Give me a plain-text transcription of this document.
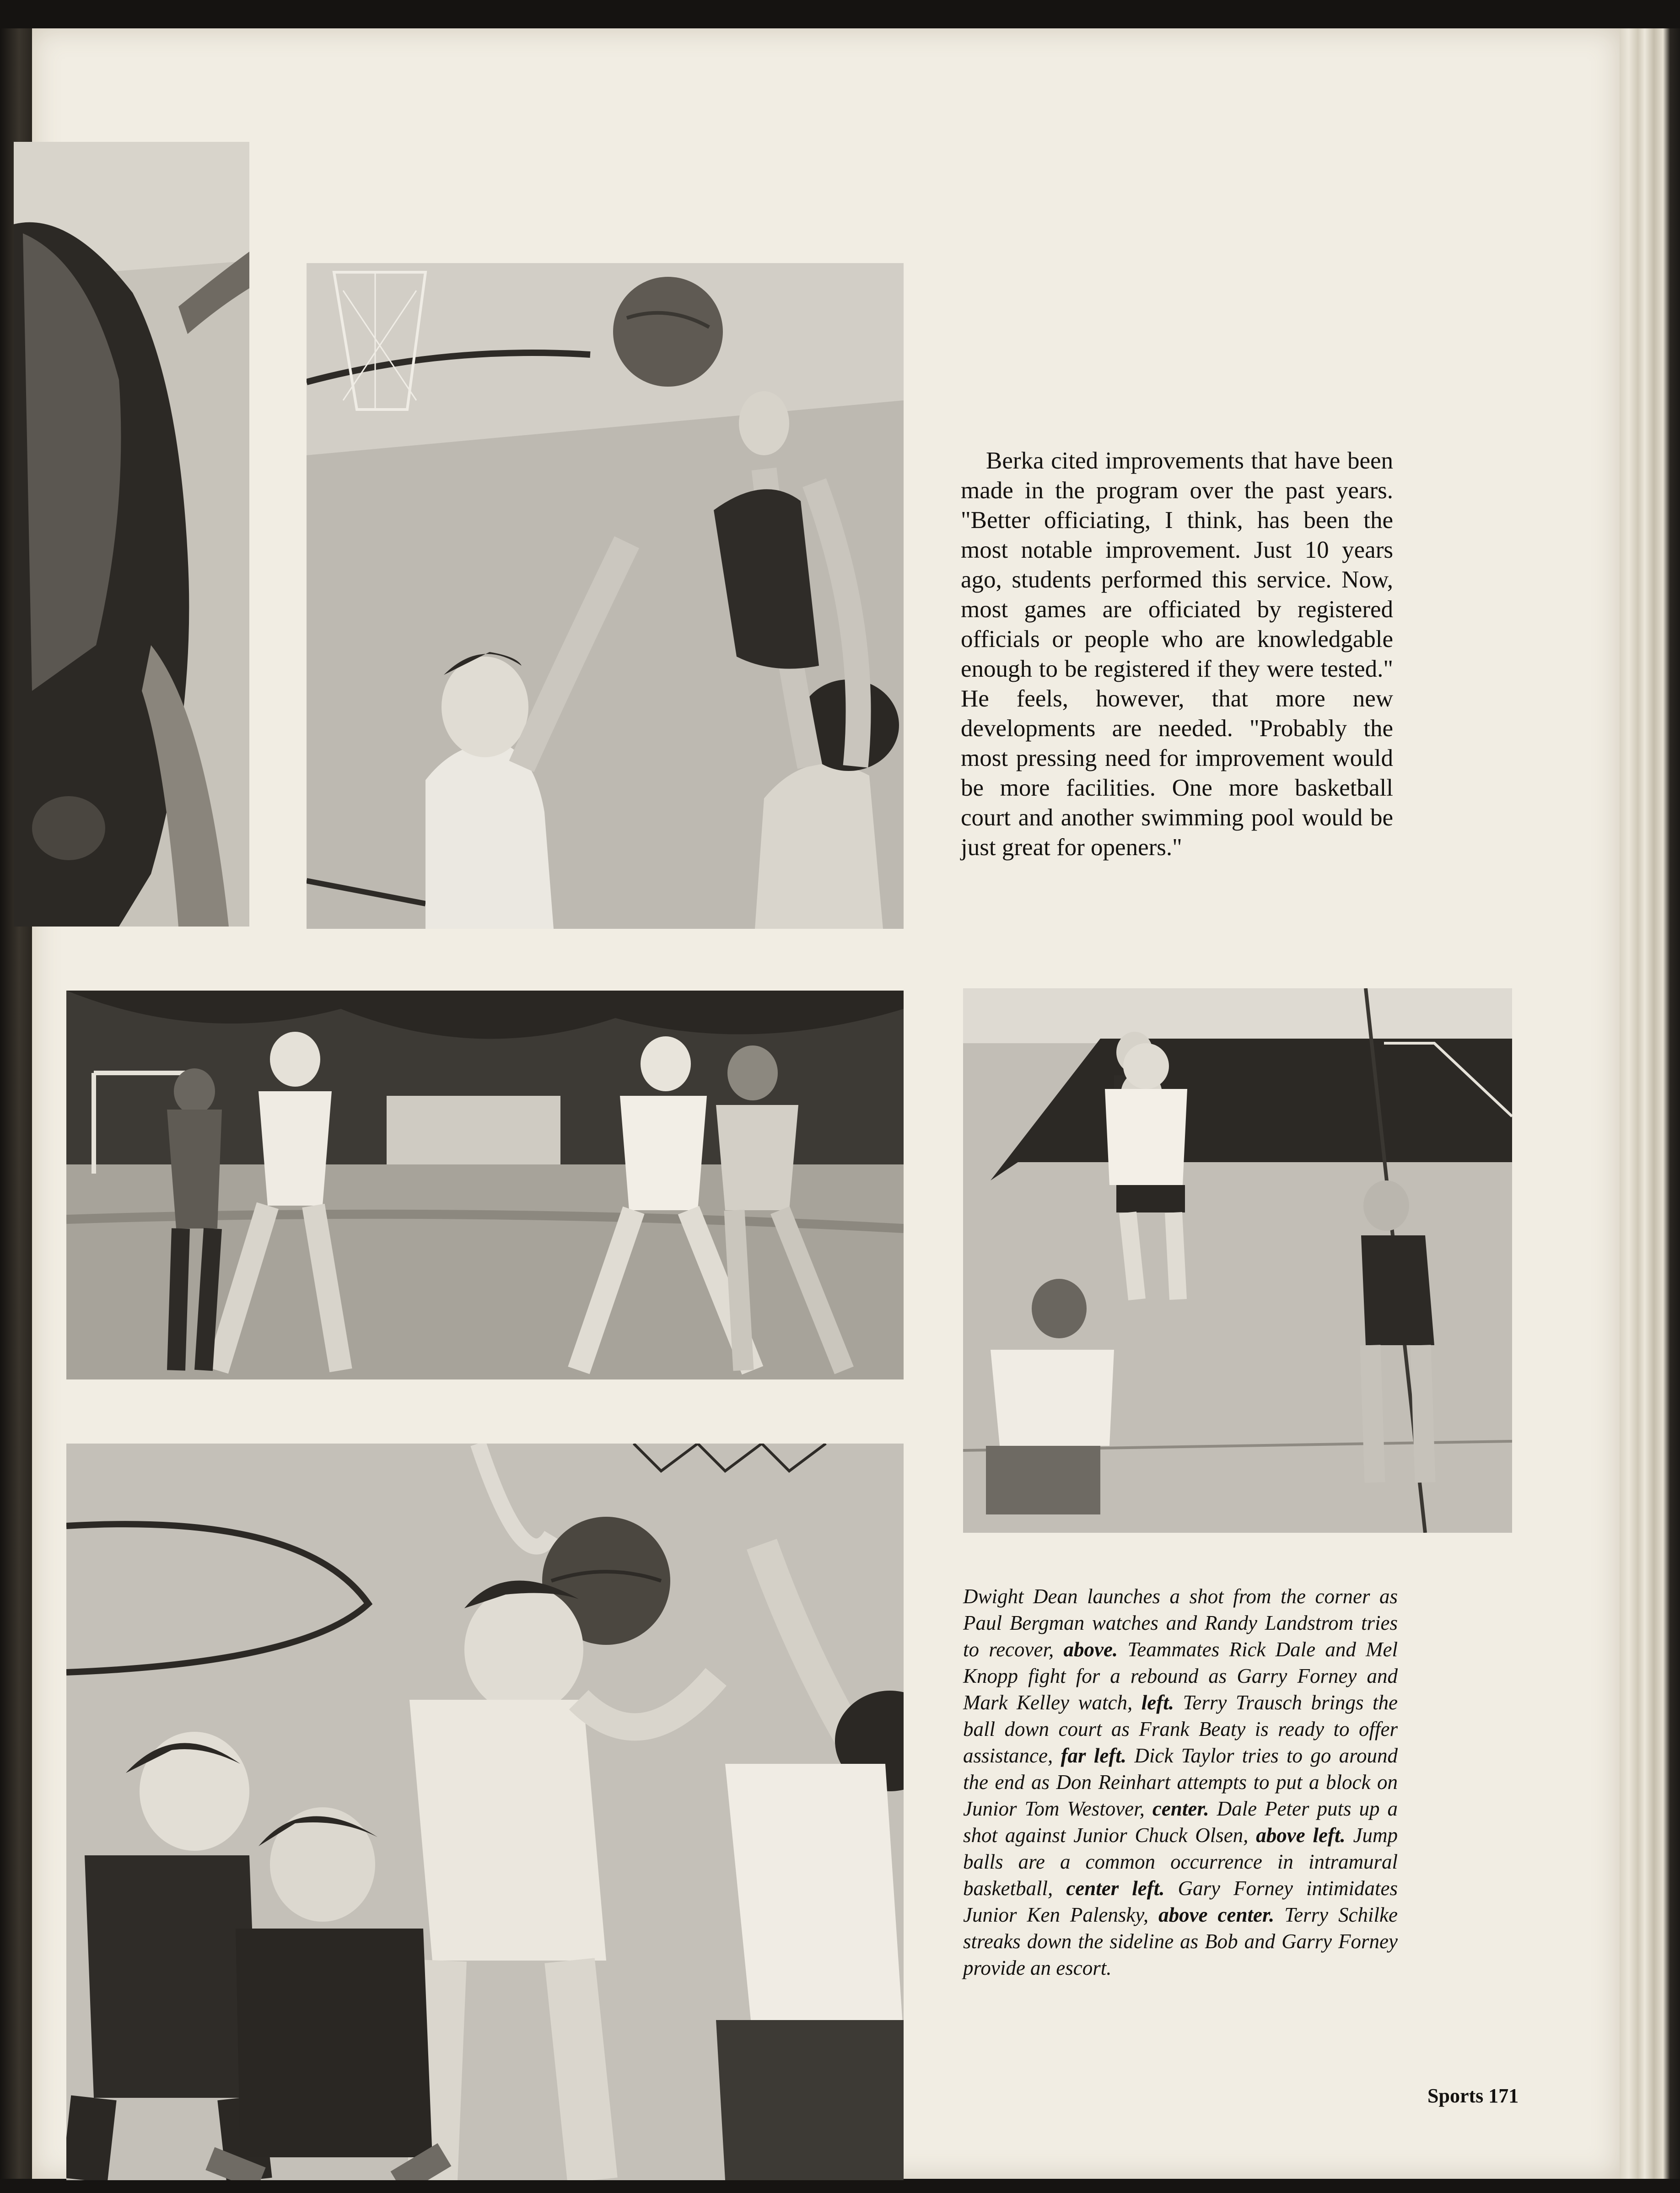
Berka cited improvements that have been made in the program over the past years. "Better officiating, I think, has been the most notable improvement. Just 10 years ago, students performed this service. Now, most games are officiated by registered officials or people who are knowledgable enough to be registered if they were tested." He feels, however, that more new developments are needed. "Probably the most pressing need for improvement would be more facilities. One more basketball court and another swimming pool would be just great for openers."

Dwight Dean launches a shot from the corner as Paul Bergman watches and Randy Landstrom tries to recover, above. Teammates Rick Dale and Mel Knopp fight for a rebound as Garry Forney and Mark Kelley watch, left. Terry Trausch brings the ball down court as Frank Beaty is ready to offer assistance, far left. Dick Taylor tries to go around the end as Don Reinhart attempts to put a block on Junior Tom Westover, center. Dale Peter puts up a shot against Junior Chuck Olsen, above left. Jump balls are a common occurrence in intramural basketball, center left. Gary Forney intimidates Junior Ken Palensky, above center. Terry Schilke streaks down the sideline as Bob and Garry Forney provide an escort.

Sports 171
